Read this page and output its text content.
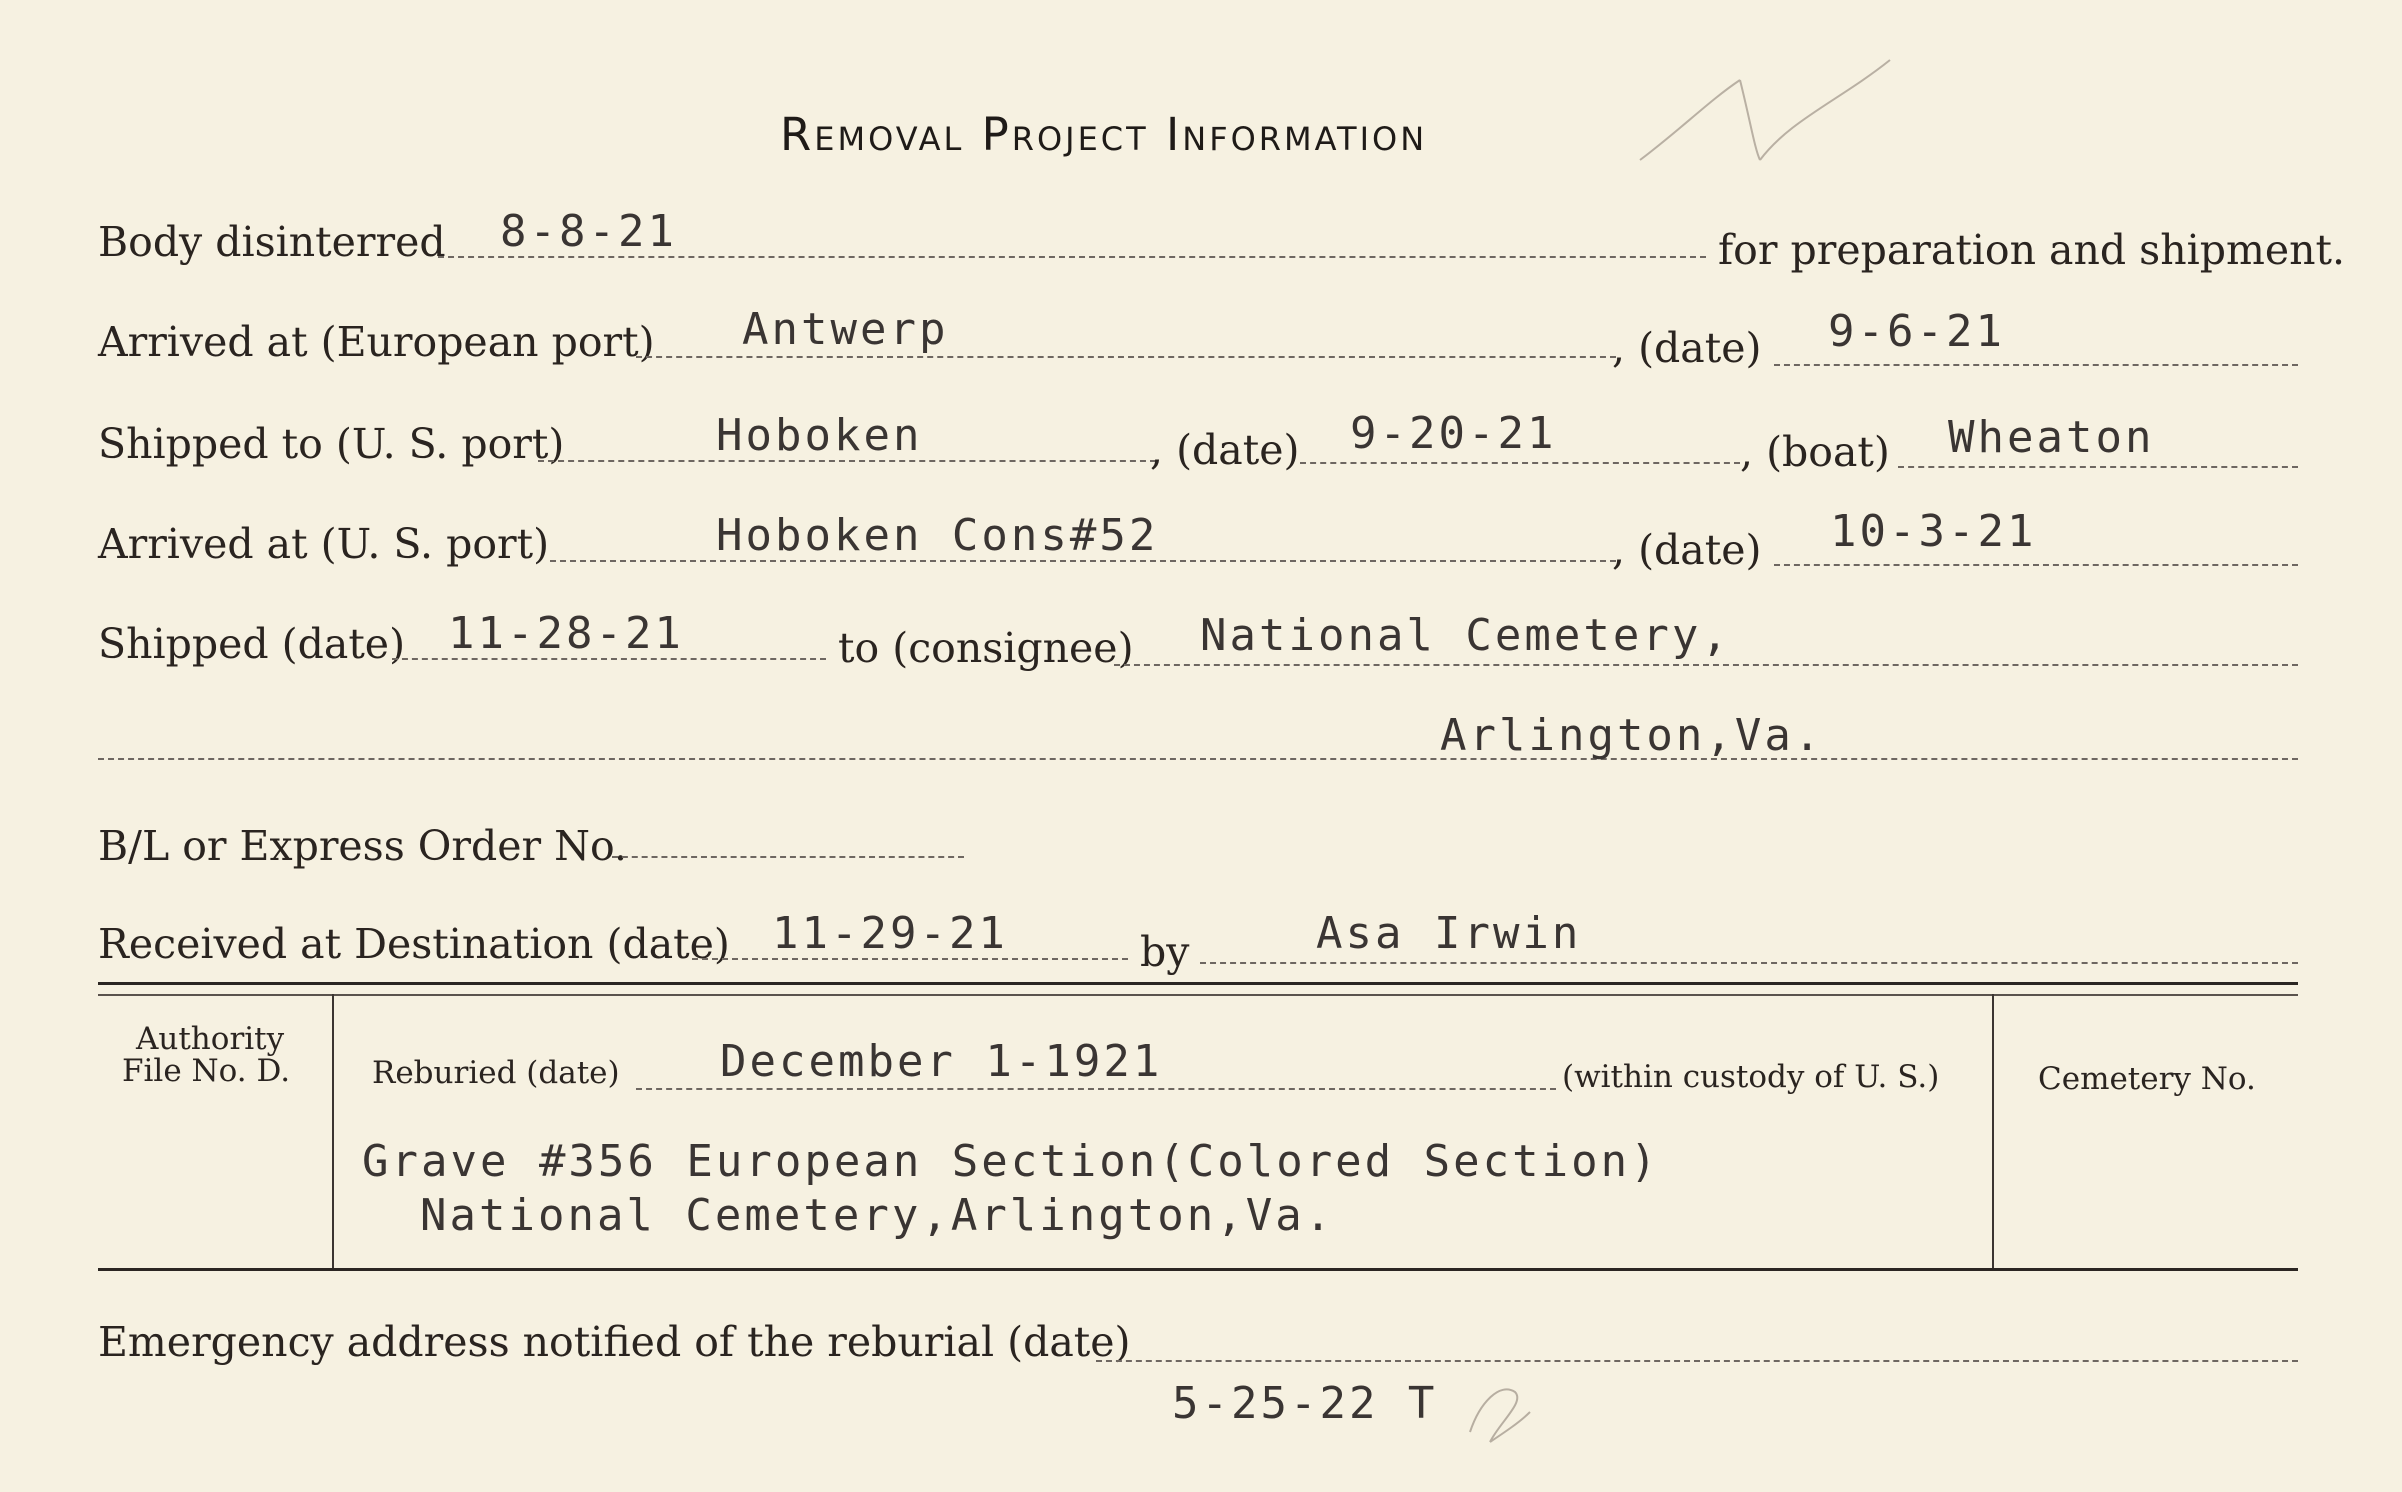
Removal Project Information
Body disinterred 8-8-21	for preparation and shipment.
Arrived at (European port) Antwerp	, (date) 9-6-21
Shipped to (U. S. port)	Hoboken	, (date) 9-20-21	, (boat) Wheaton
Arrived at (U. S. port)	Hoboken Cons#52	, (date) 10-3-21
Shipped (date) 11-28-21	to (consignee) National Cemetery,
Arlington,Va.
B/L or Express Order No.
Received at Destination (date) 11-29-21	by	Asa Irwin
Authority
File No. D.	Reburied (date) December 1-1921	(within custody of U. S.)
Grave #356 European Section(Colored Section)
National Cemetery,Arlington,Va.
Cemetery No.
Emergency address notified of the reburial (date)
5-25-22 T
